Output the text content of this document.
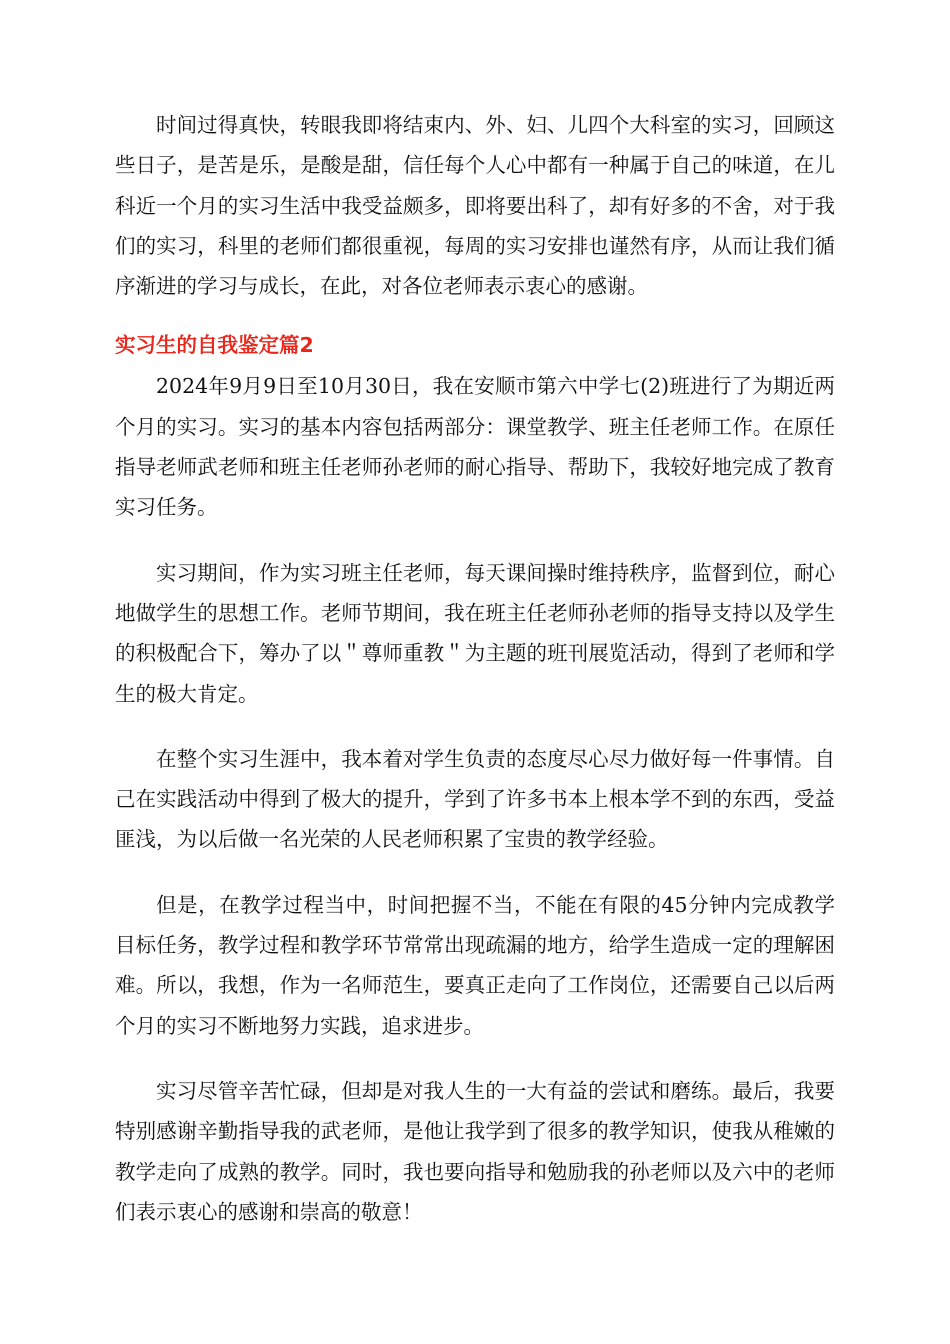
时间过得真快，转眼我即将结束内、外、妇、儿四个大科室的实习，回顾这些日子，是苦是乐，是酸是甜，信任每个人心中都有一种属于自己的味道，在儿科近一个月的实习生活中我受益颇多，即将要出科了，却有好多的不舍，对于我们的实习，科里的老师们都很重视，每周的实习安排也谨然有序，从而让我们循序渐进的学习与成长，在此，对各位老师表示衷心的感谢。

实习生的自我鉴定篇2

2024年9月9日至10月30日，我在安顺市第六中学七(2)班进行了为期近两个月的实习。实习的基本内容包括两部分：课堂教学、班主任老师工作。在原任指导老师武老师和班主任老师孙老师的耐心指导、帮助下，我较好地完成了教育实习任务。

实习期间，作为实习班主任老师，每天课间操时维持秩序，监督到位，耐心地做学生的思想工作。老师节期间，我在班主任老师孙老师的指导支持以及学生的积极配合下，筹办了以＂尊师重教＂为主题的班刊展览活动，得到了老师和学生的极大肯定。

在整个实习生涯中，我本着对学生负责的态度尽心尽力做好每一件事情。自己在实践活动中得到了极大的提升，学到了许多书本上根本学不到的东西，受益匪浅，为以后做一名光荣的人民老师积累了宝贵的教学经验。

但是，在教学过程当中，时间把握不当，不能在有限的45分钟内完成教学目标任务，教学过程和教学环节常常出现疏漏的地方，给学生造成一定的理解困难。所以，我想，作为一名师范生，要真正走向了工作岗位，还需要自己以后两个月的实习不断地努力实践，追求进步。

实习尽管辛苦忙碌，但却是对我人生的一大有益的尝试和磨练。最后，我要特别感谢辛勤指导我的武老师，是他让我学到了很多的教学知识，使我从稚嫩的教学走向了成熟的教学。同时，我也要向指导和勉励我的孙老师以及六中的老师们表示衷心的感谢和崇高的敬意！
